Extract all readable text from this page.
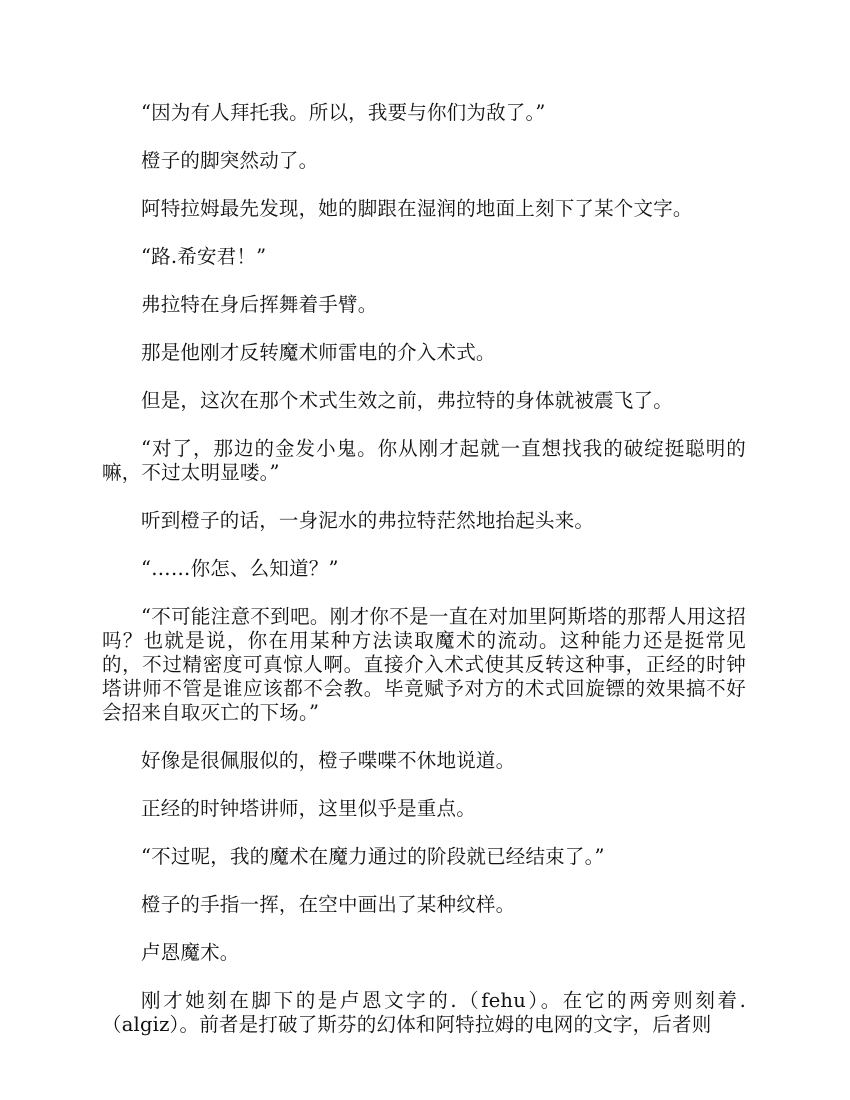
“因为有人拜托我。所以，我要与你们为敌了。”

橙子的脚突然动了。

阿特拉姆最先发现，她的脚跟在湿润的地面上刻下了某个文字。

“路.希安君！”

弗拉特在身后挥舞着手臂。

那是他刚才反转魔术师雷电的介入术式。

但是，这次在那个术式生效之前，弗拉特的身体就被震飞了。

“对了，那边的金发小鬼。你从刚才起就一直想找我的破绽挺聪明的嘛，不过太明显喽。”

听到橙子的话，一身泥水的弗拉特茫然地抬起头来。

“……你怎、么知道？”

“不可能注意不到吧。刚才你不是一直在对加里阿斯塔的那帮人用这招吗？也就是说，你在用某种方法读取魔术的流动。这种能力还是挺常见的，不过精密度可真惊人啊。直接介入术式使其反转这种事，正经的时钟塔讲师不管是谁应该都不会教。毕竟赋予对方的术式回旋镖的效果搞不好会招来自取灭亡的下场。”

好像是很佩服似的，橙子喋喋不休地说道。

正经的时钟塔讲师，这里似乎是重点。

“不过呢，我的魔术在魔力通过的阶段就已经结束了。”

橙子的手指一挥，在空中画出了某种纹样。

卢恩魔术。

刚才她刻在脚下的是卢恩文字的.（fehu）。在它的两旁则刻着.（algiz）。前者是打破了斯芬的幻体和阿特拉姆的电网的文字，后者则
